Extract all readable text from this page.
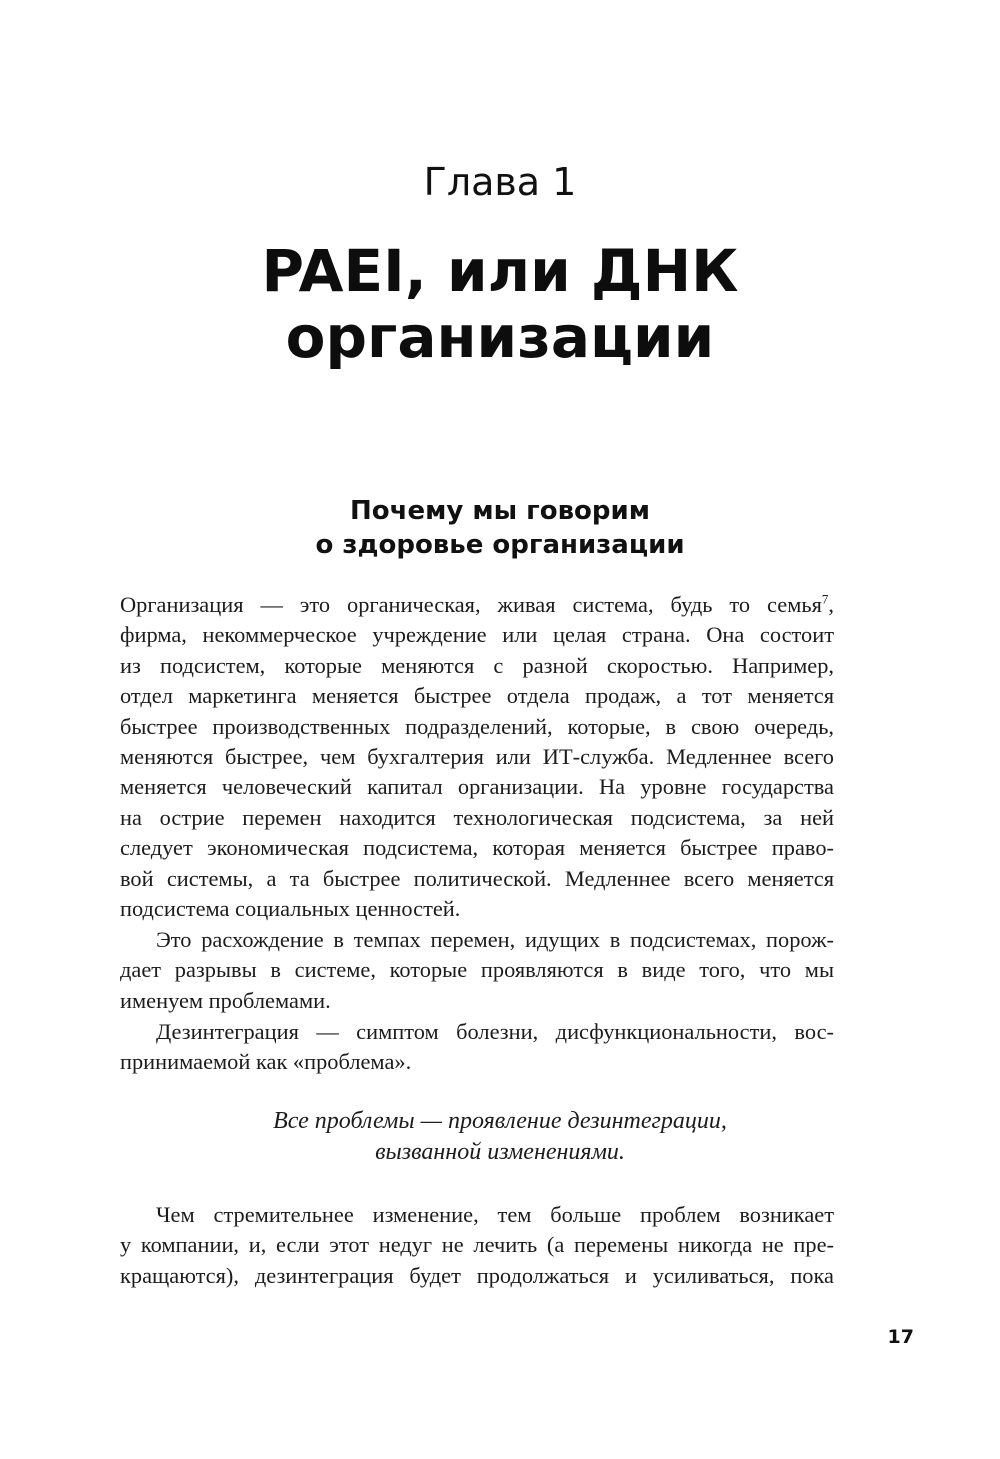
Глава 1
PAEI, или ДНК
организации
Почему мы говорим
о здоровье организации

Организация — это органическая, живая система, будь то семья$^7$,
фирма, некоммерческое учреждение или целая страна. Она состоит
из подсистем, которые меняются с разной скоростью. Например,
отдел маркетинга меняется быстрее отдела продаж, а тот меняется
быстрее производственных подразделений, которые, в свою очередь,
меняются быстрее, чем бухгалтерия или ИТ-служба. Медленнее всего
меняется человеческий капитал организации. На уровне государства
на острие перемен находится технологическая подсистема, за ней
следует экономическая подсистема, которая меняется быстрее право-
вой системы, а та быстрее политической. Медленнее всего меняется
подсистема социальных ценностей.

Это расхождение в темпах перемен, идущих в подсистемах, порож-
дает разрывы в системе, которые проявляются в виде того, что мы
именуем проблемами.

Дезинтеграция — симптом болезни, дисфункциональности, вос-
принимаемой как «проблема».

Все проблемы — проявление дезинтеграции,
вызванной изменениями.

Чем стремительнее изменение, тем больше проблем возникает
у компании, и, если этот недуг не лечить (а перемены никогда не пре-
кращаются), дезинтеграция будет продолжаться и усиливаться, пока

17
